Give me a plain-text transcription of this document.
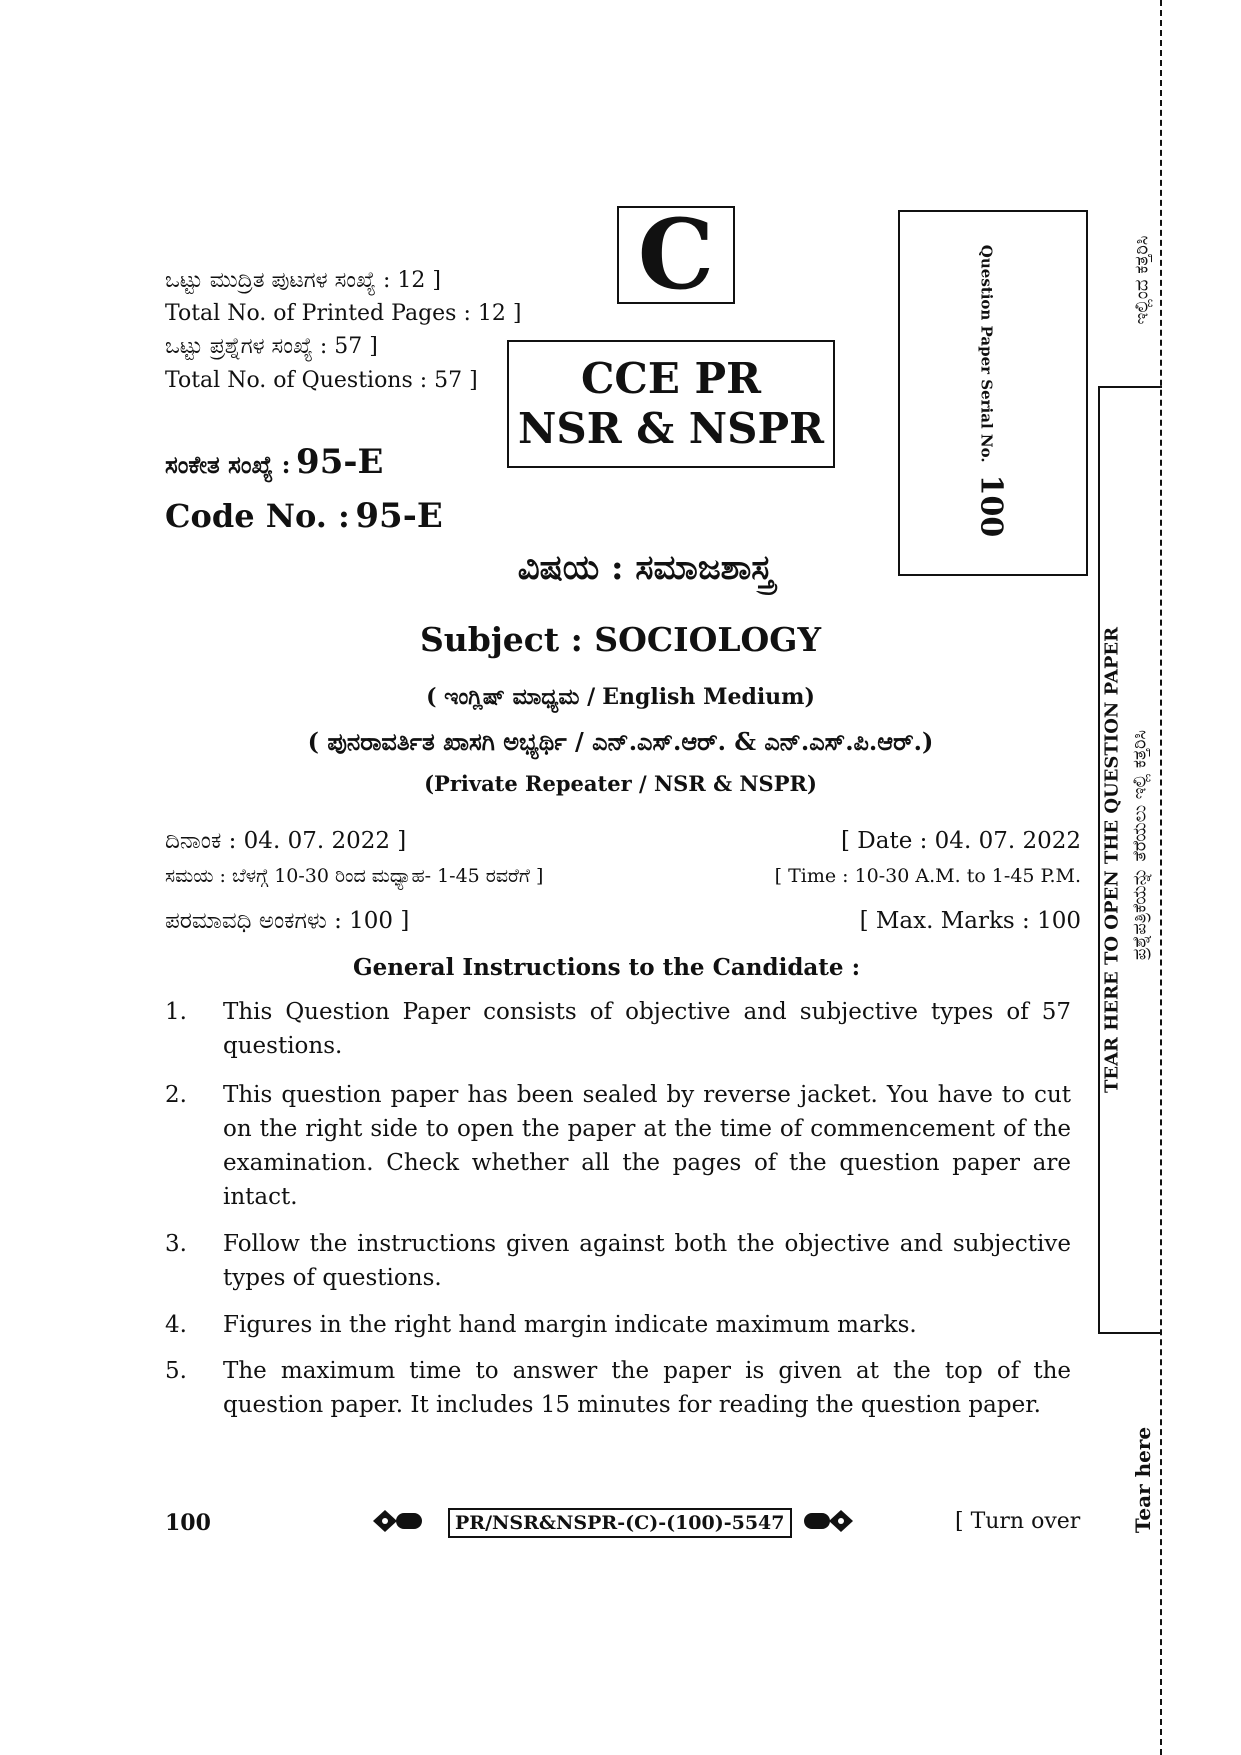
ಒಟ್ಟು ಮುದ್ರಿತ ಪುಟಗಳ ಸಂಖ್ಯೆ : 12 ]
Total No. of Printed Pages : 12 ]
ಒಟ್ಟು ಪ್ರಶ್ನೆಗಳ ಸಂಖ್ಯೆ : 57 ]
Total No. of Questions : 57 ]
C
CCE PR
NSR & NSPR	Question Paper Serial No.
100
ಸಂಕೇತ ಸಂಖ್ಯೆ : 95-E
Code No. : 95-E
ವಿಷಯ : ಸಮಾಜಶಾಸ್ತ್ರ
Subject : SOCIOLOGY
( ಇಂಗ್ಲಿಷ್ ಮಾಧ್ಯಮ / English Medium)
( ಪುನರಾವರ್ತಿತ ಖಾಸಗಿ ಅಭ್ಯರ್ಥಿ / ಎನ್.ಎಸ್.ಆರ್. & ಎನ್.ಎಸ್.ಪಿ.ಆರ್.)
(Private Repeater / NSR & NSPR)
ದಿನಾಂಕ : 04. 07. 2022 ]	[ Date : 04. 07. 2022
ಸಮಯ : ಬೆಳಗ್ಗೆ 10-30 ರಿಂದ ಮಧ್ಯಾಹ- 1-45 ರವರೆಗೆ ]	[ Time : 10-30 A.M. to 1-45 P.M.
ಪರಮಾವಧಿ ಅಂಕಗಳು : 100 ]	[ Max. Marks : 100
General Instructions to the Candidate :
1.	This Question Paper consists of objective and subjective types of 57 questions.
2.	This question paper has been sealed by reverse jacket. You have to cut on the right side to open the paper at the time of commencement of the examination. Check whether all the pages of the question paper are intact.
3.	Follow the instructions given against both the objective and subjective types of questions.
4.	Figures in the right hand margin indicate maximum marks.
5.	The maximum time to answer the paper is given at the top of the question paper. It includes 15 minutes for reading the question paper.
100	PR/NSR&NSPR-(C)-(100)-5547	[ Turn over
TEAR HERE TO OPEN THE QUESTION PAPER ಪ್ರಶ್ನೆಪತ್ರಿಕೆಯನ್ನು ತೆರೆಯಲು ಇಲ್ಲಿ ಕತ್ತರಿಸಿ
ಇಲ್ಲಿಂದ ಕತ್ತರಿಸಿ
Tear here
